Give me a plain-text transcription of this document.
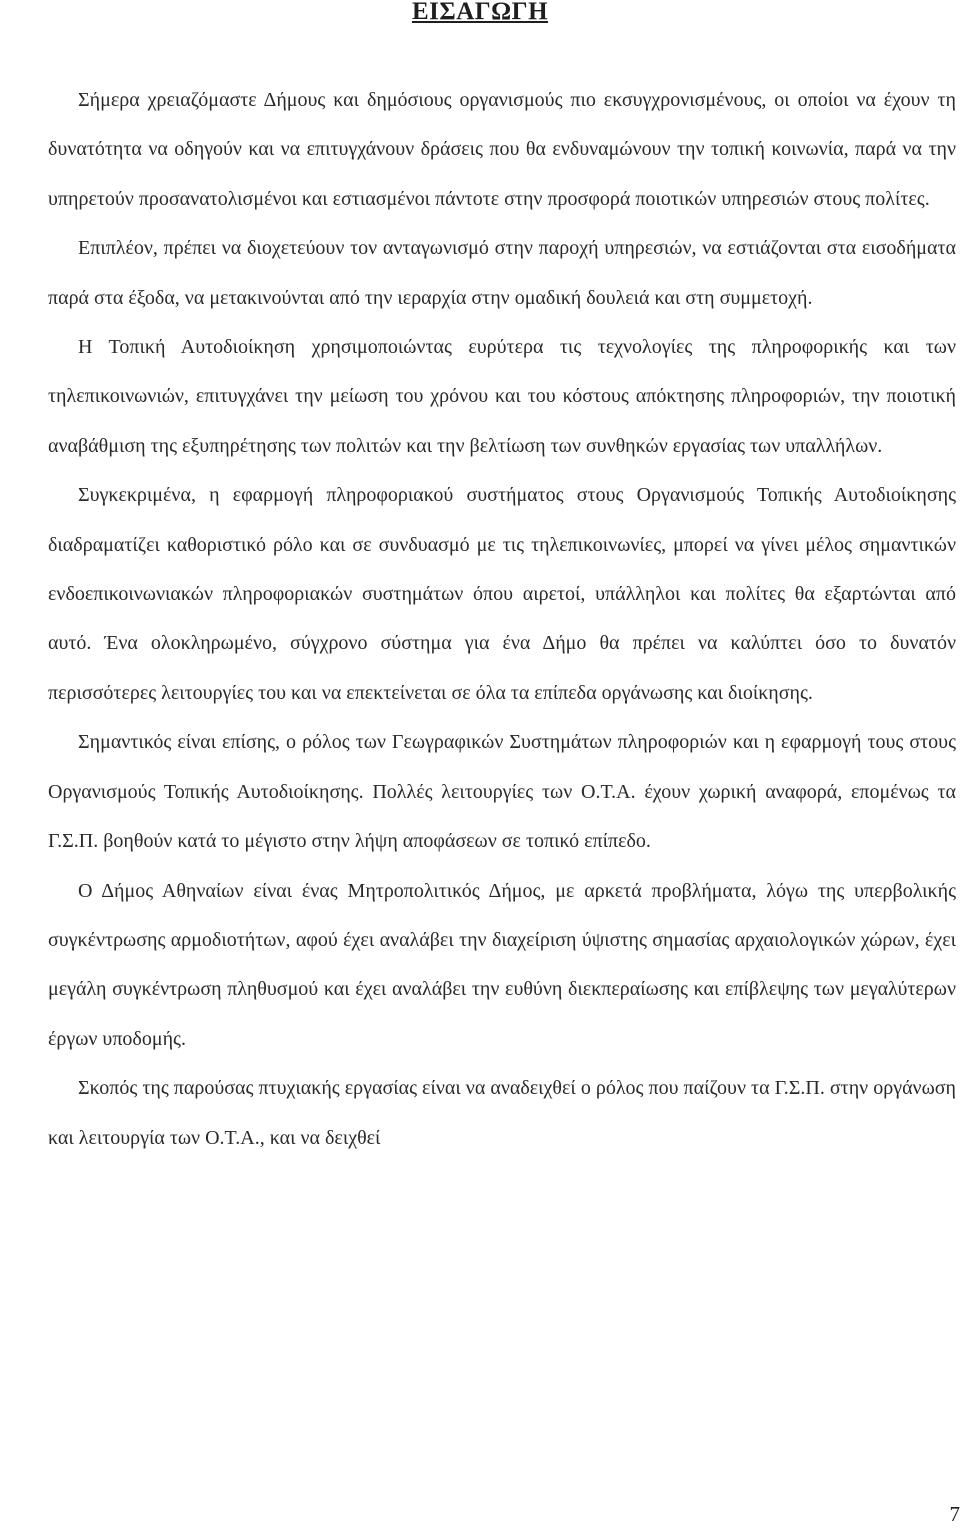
ΕΙΣΑΓΩΓΗ

Σήμερα χρειαζόμαστε Δήμους και δημόσιους οργανισμούς πιο εκσυγχρονισμένους, οι οποίοι να έχουν τη δυνατότητα να οδηγούν και να επιτυγχάνουν δράσεις που θα ενδυναμώνουν την τοπική κοινωνία, παρά να την υπηρετούν προσανατολισμένοι και εστιασμένοι πάντοτε στην προσφορά ποιοτικών υπηρεσιών στους πολίτες.

Επιπλέον, πρέπει να διοχετεύουν τον ανταγωνισμό στην παροχή υπηρεσιών, να εστιάζονται στα εισοδήματα παρά στα έξοδα, να μετακινούνται από την ιεραρχία στην ομαδική δουλειά και στη συμμετοχή.

Η Τοπική Αυτοδιοίκηση χρησιμοποιώντας ευρύτερα τις τεχνολογίες της πληροφορικής και των τηλεπικοινωνιών, επιτυγχάνει την μείωση του χρόνου και του κόστους απόκτησης πληροφοριών, την ποιοτική αναβάθμιση της εξυπηρέτησης των πολιτών και την βελτίωση των συνθηκών εργασίας των υπαλλήλων.

Συγκεκριμένα, η εφαρμογή πληροφοριακού συστήματος στους Οργανισμούς Τοπικής Αυτοδιοίκησης διαδραματίζει καθοριστικό ρόλο και σε συνδυασμό με τις τηλεπικοινωνίες, μπορεί να γίνει μέλος σημαντικών ενδοεπικοινωνιακών πληροφοριακών συστημάτων όπου αιρετοί, υπάλληλοι και πολίτες θα εξαρτώνται από αυτό. Ένα ολοκληρωμένο, σύγχρονο σύστημα για ένα Δήμο θα πρέπει να καλύπτει όσο το δυνατόν περισσότερες λειτουργίες του και να επεκτείνεται σε όλα τα επίπεδα οργάνωσης και διοίκησης.

Σημαντικός είναι επίσης, ο ρόλος των Γεωγραφικών Συστημάτων πληροφοριών και η εφαρμογή τους στους Οργανισμούς Τοπικής Αυτοδιοίκησης. Πολλές λειτουργίες των Ο.Τ.Α. έχουν χωρική αναφορά, επομένως τα Γ.Σ.Π. βοηθούν κατά το μέγιστο στην λήψη αποφάσεων σε τοπικό επίπεδο.

Ο Δήμος Αθηναίων είναι ένας Μητροπολιτικός Δήμος, με αρκετά προβλήματα, λόγω της υπερβολικής συγκέντρωσης αρμοδιοτήτων, αφού έχει αναλάβει την διαχείριση ύψιστης σημασίας αρχαιολογικών χώρων, έχει μεγάλη συγκέντρωση πληθυσμού και έχει αναλάβει την ευθύνη διεκπεραίωσης και επίβλεψης των μεγαλύτερων έργων υποδομής.

Σκοπός της παρούσας πτυχιακής εργασίας είναι να αναδειχθεί ο ρόλος που παίζουν τα Γ.Σ.Π. στην οργάνωση και λειτουργία των Ο.Τ.Α., και να δειχθεί

7
